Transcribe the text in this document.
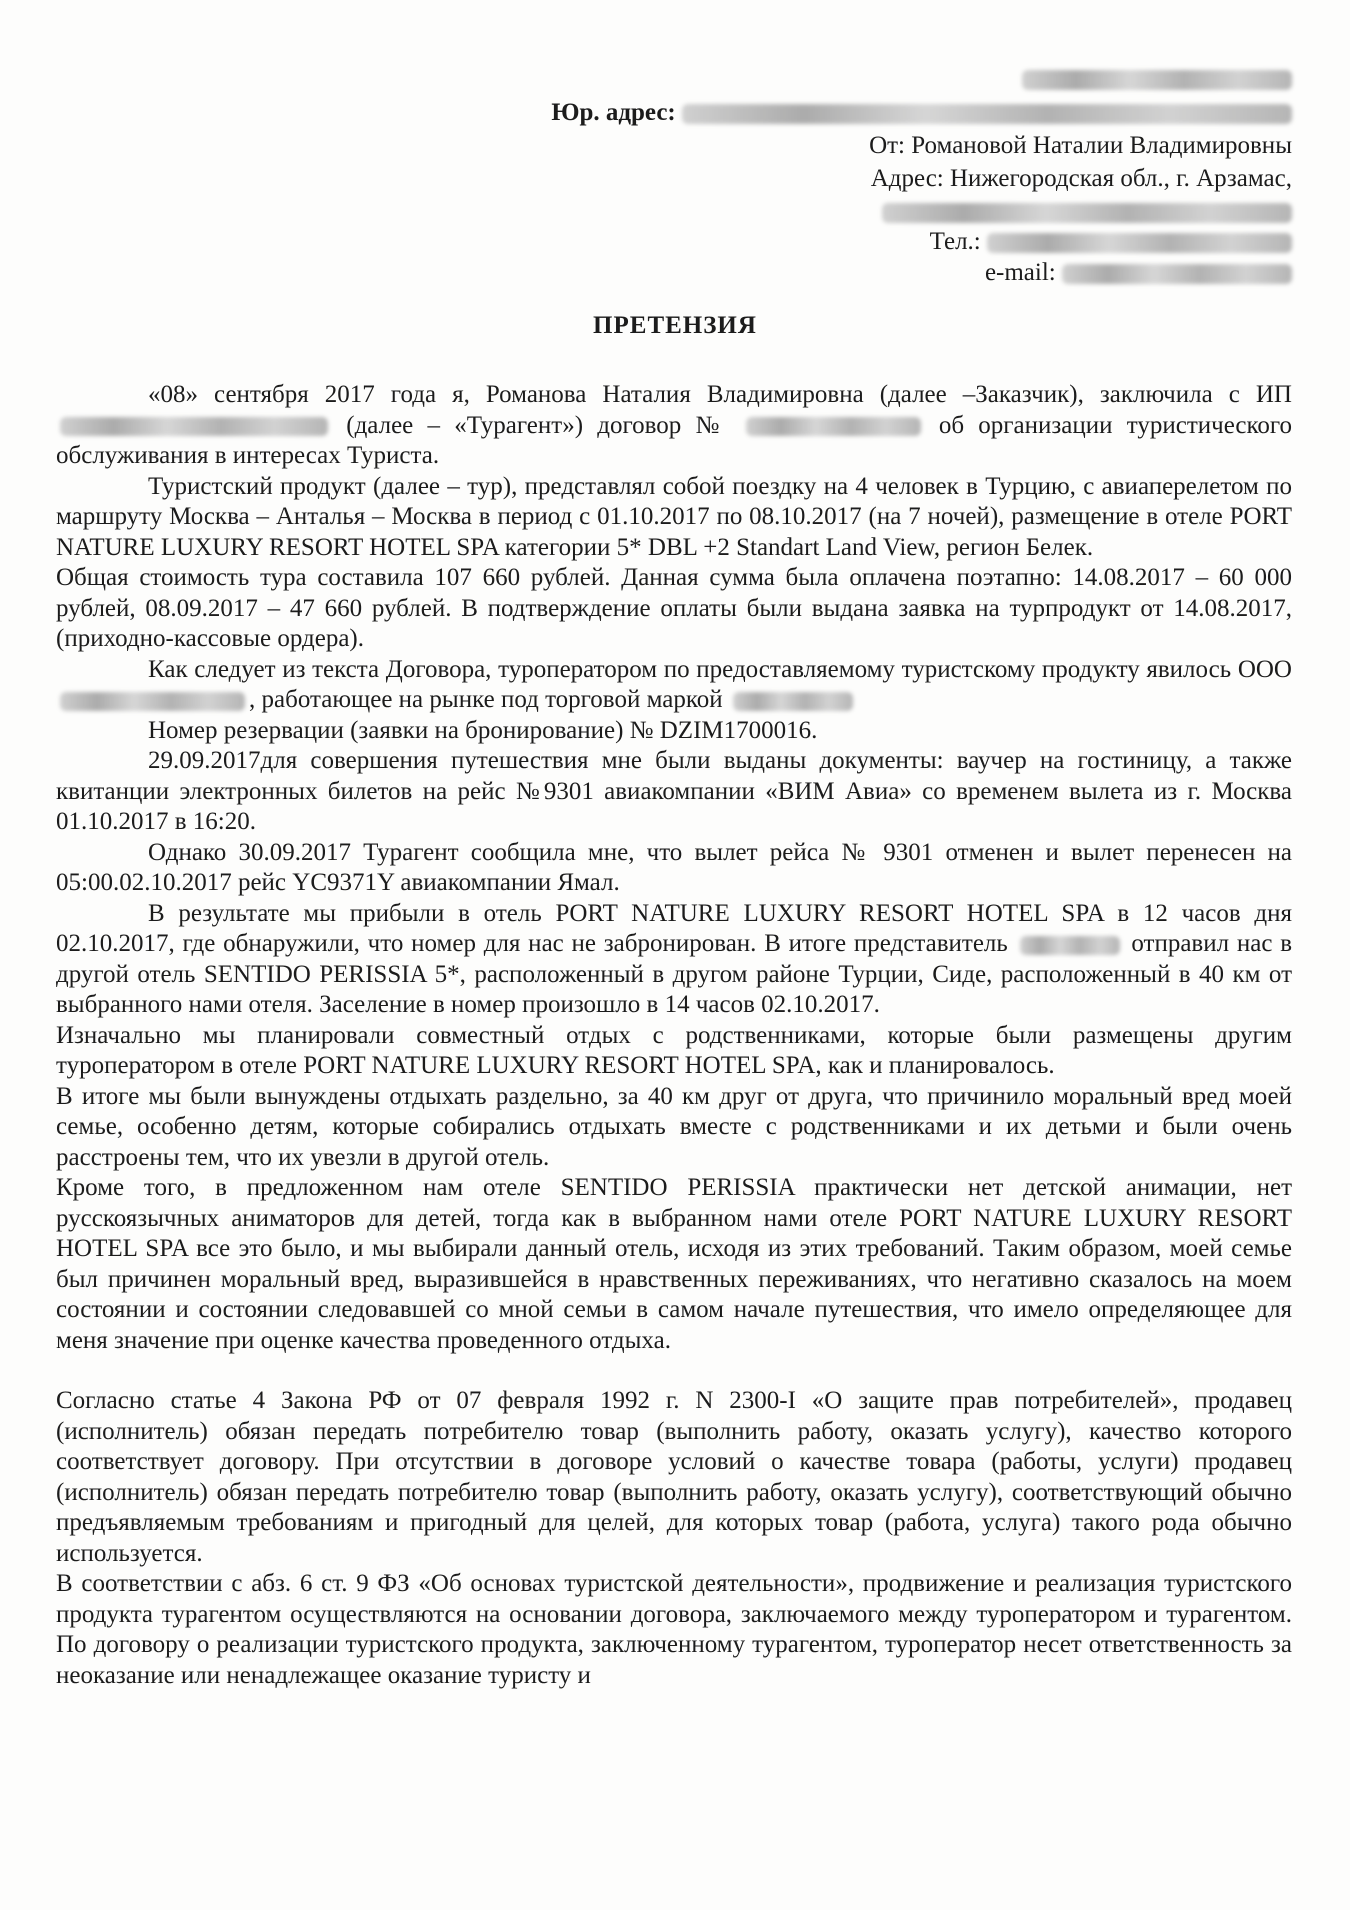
Юр. адрес:
От: Романовой Наталии Владимировны
Адрес: Нижегородская обл., г. Арзамас,
Тел.:
e-mail:
ПРЕТЕНЗИЯ

«08» сентября 2017 года я, Романова Наталия Владимировна (далее –Заказчик), заключила с ИП  (далее – «Турагент») договор №	об организации туристического обслуживания в интересах Туриста.

Туристский продукт (далее – тур), представлял собой поездку на 4 человек в Турцию, с авиаперелетом по маршруту Москва – Анталья – Москва в период с 01.10.2017 по 08.10.2017 (на 7 ночей), размещение в отеле PORT NATURE LUXURY RESORT HOTEL SPA категории 5* DBL +2 Standart Land View, регион Белек.

Общая стоимость тура составила 107 660 рублей. Данная сумма была оплачена поэтапно: 14.08.2017 – 60 000 рублей, 08.09.2017 – 47 660 рублей. В подтверждение оплаты были выдана заявка на турпродукт от 14.08.2017, (приходно-кассовые ордера).

Как следует из текста Договора, туроператором по предоставляемому туристскому продукту явилось ООО , работающее на рынке под торговой маркой

Номер резервации (заявки на бронирование) № DZIM1700016.

29.09.2017для совершения путешествия мне были выданы документы: ваучер на гостиницу, а также квитанции электронных билетов на рейс №9301 авиакомпании «ВИМ Авиа» со временем вылета из г. Москва 01.10.2017 в 16:20.

Однако 30.09.2017 Турагент сообщила мне, что вылет рейса № 9301 отменен и вылет перенесен на 05:00.02.10.2017 рейс YC9371Y авиакомпании Ямал.

В результате мы прибыли в отель PORT NATURE LUXURY RESORT HOTEL SPA в 12 часов дня 02.10.2017, где обнаружили, что номер для нас не забронирован. В итоге представитель	отправил нас в другой отель SENTIDO PERISSIA 5*, расположенный в другом районе Турции, Сиде, расположенный в 40 км от выбранного нами отеля. Заселение в номер произошло в 14 часов 02.10.2017.

Изначально мы планировали совместный отдых с родственниками, которые были размещены другим туроператором в отеле PORT NATURE LUXURY RESORT HOTEL SPA, как и планировалось.

В итоге мы были вынуждены отдыхать раздельно, за 40 км друг от друга, что причинило моральный вред моей семье, особенно детям, которые собирались отдыхать вместе с родственниками и их детьми и были очень расстроены тем, что их увезли в другой отель.

Кроме того, в предложенном нам отеле SENTIDO PERISSIA практически нет детской анимации, нет русскоязычных аниматоров для детей, тогда как в выбранном нами отеле PORT NATURE LUXURY RESORT HOTEL SPA все это было, и мы выбирали данный отель, исходя из этих требований. Таким образом, моей семье был причинен моральный вред, выразившейся в нравственных переживаниях, что негативно сказалось на моем состоянии и состоянии следовавшей со мной семьи в самом начале путешествия, что имело определяющее для меня значение при оценке качества проведенного отдыха.

Согласно статье 4 Закона РФ от 07 февраля 1992 г. N 2300-I «О защите прав потребителей», продавец (исполнитель) обязан передать потребителю товар (выполнить работу, оказать услугу), качество которого соответствует договору. При отсутствии в договоре условий о качестве товара (работы, услуги) продавец (исполнитель) обязан передать потребителю товар (выполнить работу, оказать услугу), соответствующий обычно предъявляемым требованиям и пригодный для целей, для которых товар (работа, услуга) такого рода обычно используется.

В соответствии с абз. 6 ст. 9 ФЗ «Об основах туристской деятельности», продвижение и реализация туристского продукта турагентом осуществляются на основании договора, заключаемого между туроператором и турагентом. По договору о реализации туристского продукта, заключенному турагентом, туроператор несет ответственность за неоказание или ненадлежащее оказание туристу и
